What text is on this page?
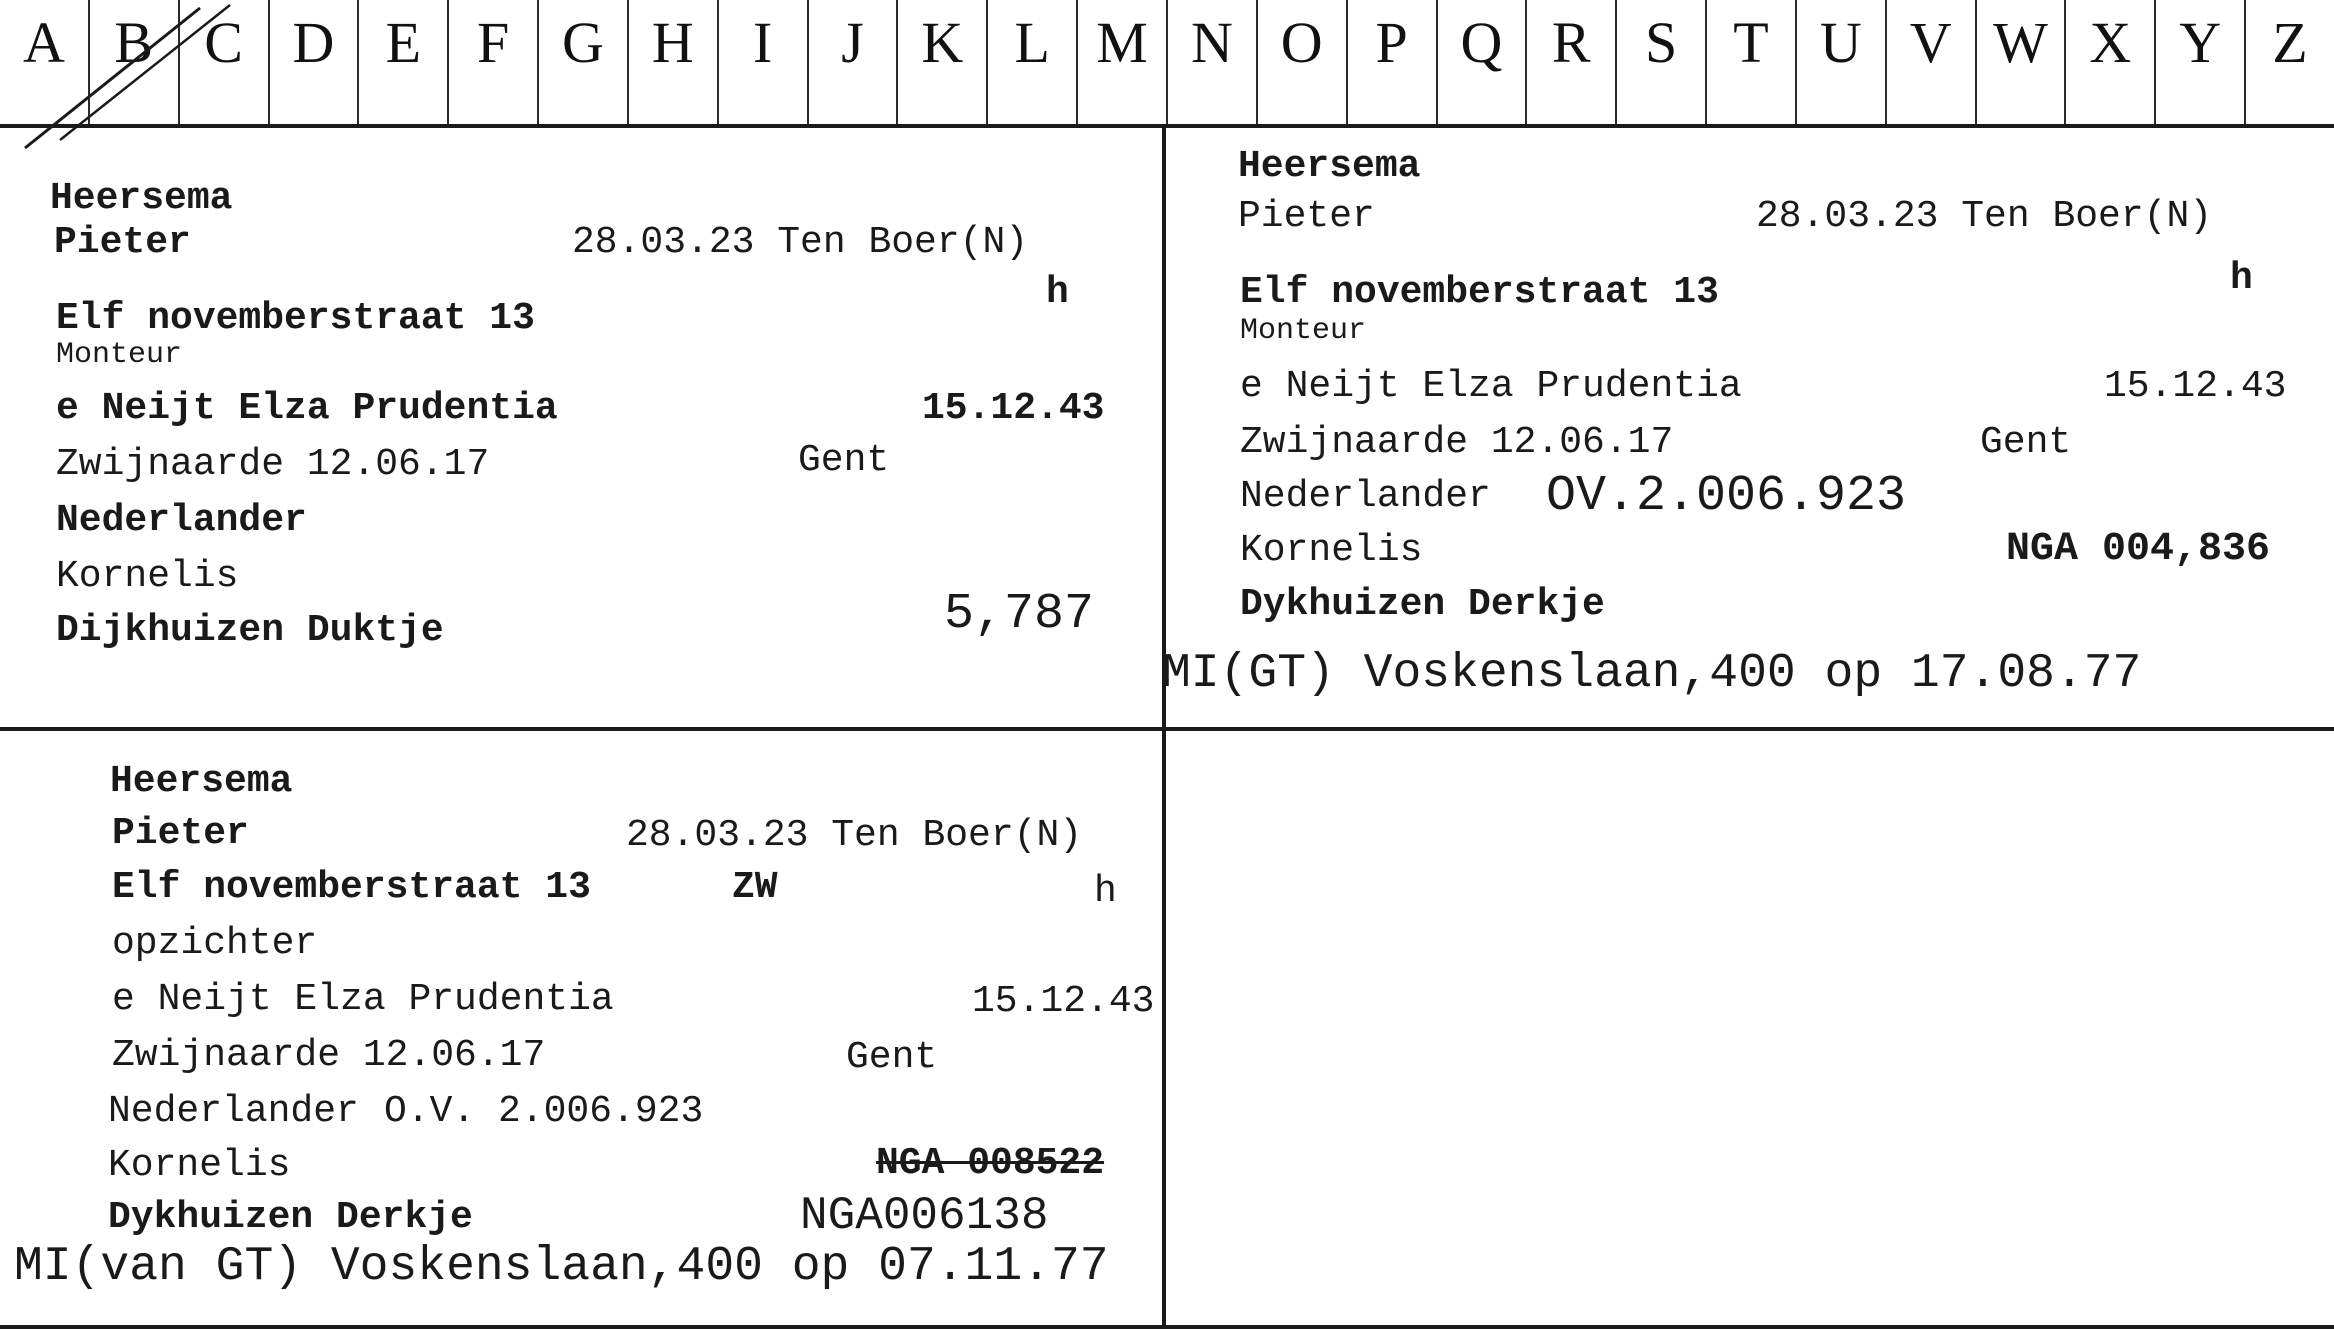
A B C D E F G H	I	J K L M N O P Q R S T U V W X Y Z
Heersema
Pieter	28.03.23 Ten Boer(N)
Elf novemberstraat 13
h
Monteur
e Neijt Elza Prudentia	15.12.43
Zwijnaarde 12.06.17	Gent
Nederlander
Kornelis
Dijkhuizen Duktje	5,787
Heersema
Pieter	28.03.23 Ten Boer(N)
Elf novemberstraat 13	h
Monteur
e Neijt Elza Prudentia	15.12.43
Zwijnaarde 12.06.17	Gent
Nederlander OV.2.006.923
Kornelis	NGA 004,836
Dykhuizen Derkje
MI(GT) Voskenslaan,400 op 17.08.77
Heersema
Pieter	28.03.23 Ten Boer(N)
Elf novemberstraat 13	ZW	h
opzichter
e Neijt Elza Prudentia	15.12.43
Zwijnaarde 12.06.17	Gent
Nederlander O.V. 2.006.923
Kornelis	NGA 008522
Dykhuizen Derkje	NGA006138
MI(van GT) Voskenslaan,400 op 07.11.77
